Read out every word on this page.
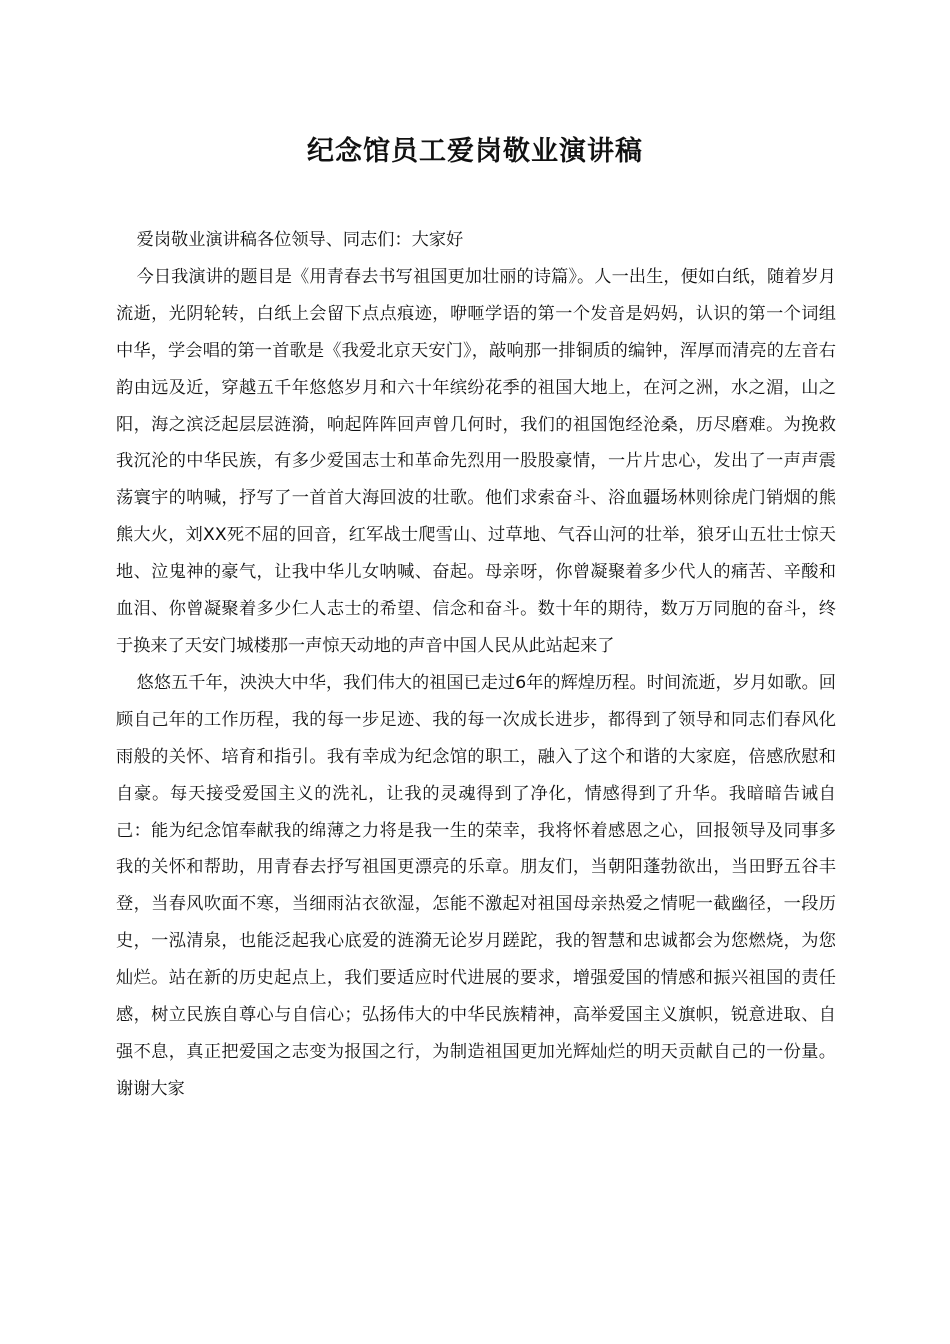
纪念馆员工爱岗敬业演讲稿

爱岗敬业演讲稿各位领导、同志们：大家好

今日我演讲的题目是《用青春去书写祖国更加壮丽的诗篇》。人一出生，便如白纸，随着岁月流逝，光阴轮转，白纸上会留下点点痕迹，咿咂学语的第一个发音是妈妈，认识的第一个词组中华，学会唱的第一首歌是《我爱北京天安门》，敲响那一排铜质的编钟，浑厚而清亮的左音右韵由远及近，穿越五千年悠悠岁月和六十年缤纷花季的祖国大地上，在河之洲，水之湄，山之阳，海之滨泛起层层涟漪，响起阵阵回声曾几何时，我们的祖国饱经沧桑，历尽磨难。为挽救我沉沦的中华民族，有多少爱国志士和革命先烈用一股股豪情，一片片忠心，发出了一声声震荡寰宇的呐喊，抒写了一首首大海回波的壮歌。他们求索奋斗、浴血疆场林则徐虎门销烟的熊熊大火，刘XX死不屈的回音，红军战士爬雪山、过草地、气吞山河的壮举，狼牙山五壮士惊天地、泣鬼神的豪气，让我中华儿女呐喊、奋起。母亲呀，你曾凝聚着多少代人的痛苦、辛酸和血泪、你曾凝聚着多少仁人志士的希望、信念和奋斗。数十年的期待，数万万同胞的奋斗，终于换来了天安门城楼那一声惊天动地的声音中国人民从此站起来了

悠悠五千年，泱泱大中华，我们伟大的祖国已走过6年的辉煌历程。时间流逝，岁月如歌。回顾自己年的工作历程，我的每一步足迹、我的每一次成长进步，都得到了领导和同志们春风化雨般的关怀、培育和指引。我有幸成为纪念馆的职工，融入了这个和谐的大家庭，倍感欣慰和自豪。每天接受爱国主义的洗礼，让我的灵魂得到了净化，情感得到了升华。我暗暗告诫自己：能为纪念馆奉献我的绵薄之力将是我一生的荣幸，我将怀着感恩之心，回报领导及同事多我的关怀和帮助，用青春去抒写祖国更漂亮的乐章。朋友们，当朝阳蓬勃欲出，当田野五谷丰登，当春风吹面不寒，当细雨沾衣欲湿，怎能不激起对祖国母亲热爱之情呢一截幽径，一段历史，一泓清泉，也能泛起我心底爱的涟漪无论岁月蹉跎，我的智慧和忠诚都会为您燃烧，为您灿烂。站在新的历史起点上，我们要适应时代进展的要求，增强爱国的情感和振兴祖国的责任感，树立民族自尊心与自信心；弘扬伟大的中华民族精神，高举爱国主义旗帜，锐意进取、自强不息，真正把爱国之志变为报国之行，为制造祖国更加光辉灿烂的明天贡献自己的一份量。谢谢大家
